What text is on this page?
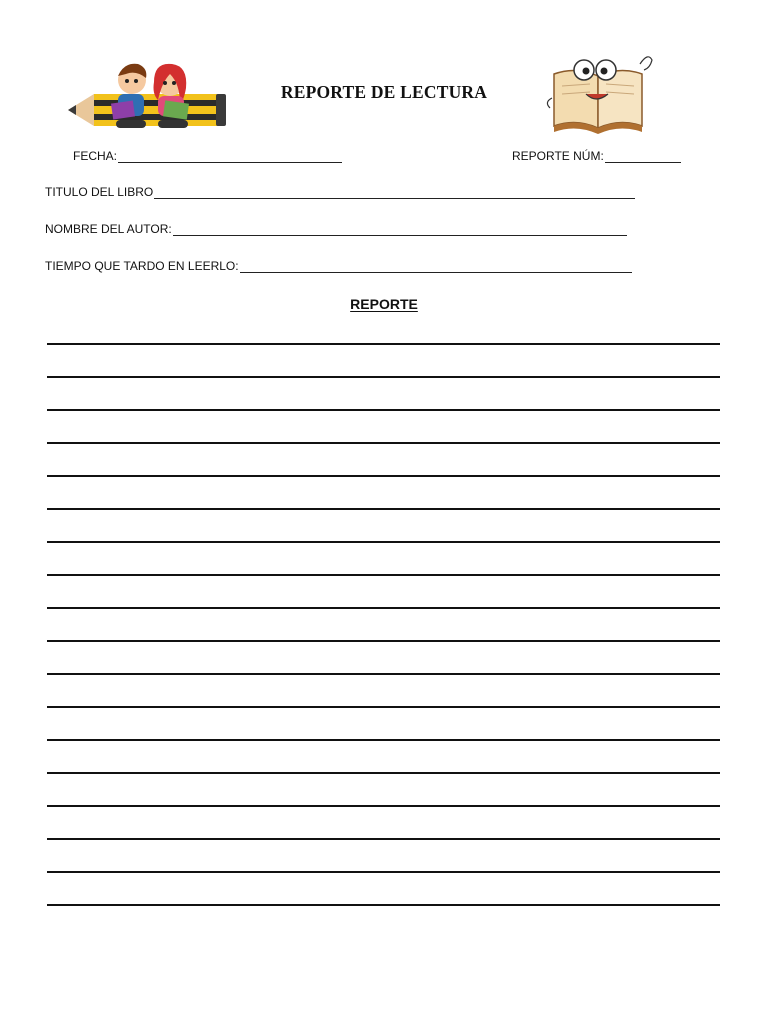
REPORTE DE LECTURA
FECHA:	REPORTE NÚM:
TITULO DEL LIBRO
NOMBRE DEL AUTOR:
TIEMPO QUE TARDO EN LEERLO:
REPORTE
